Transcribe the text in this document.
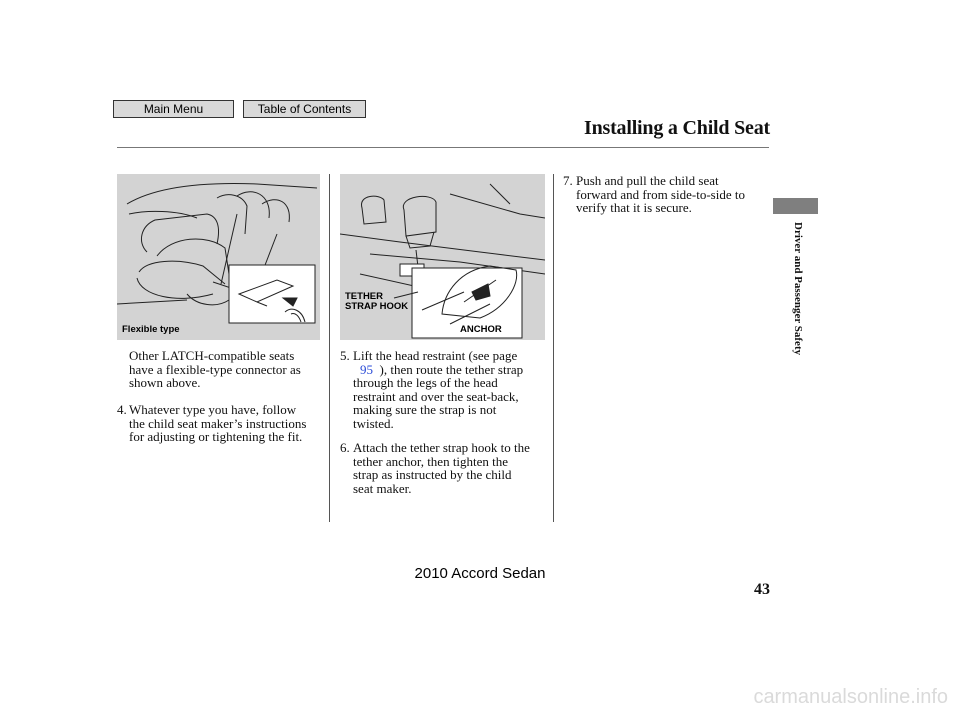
Main Menu	Table of Contents
Installing a Child Seat
Driver and Passenger Safety
Flexible type
TETHER
STRAP HOOK
ANCHOR
Other LATCH-compatible seats
have a flexible-type connector as
shown above.
4. Whatever type you have, follow
the child seat maker’s instructions
for adjusting or tightening the fit.
5. Lift the head restraint (see page
95 ), then route the tether strap
through the legs of the head
restraint and over the seat-back,
making sure the strap is not
twisted.
6. Attach the tether strap hook to the
tether anchor, then tighten the
strap as instructed by the child
seat maker.
7. Push and pull the child seat
forward and from side-to-side to
verify that it is secure.
43
2010 Accord Sedan
carmanualsonline.info
